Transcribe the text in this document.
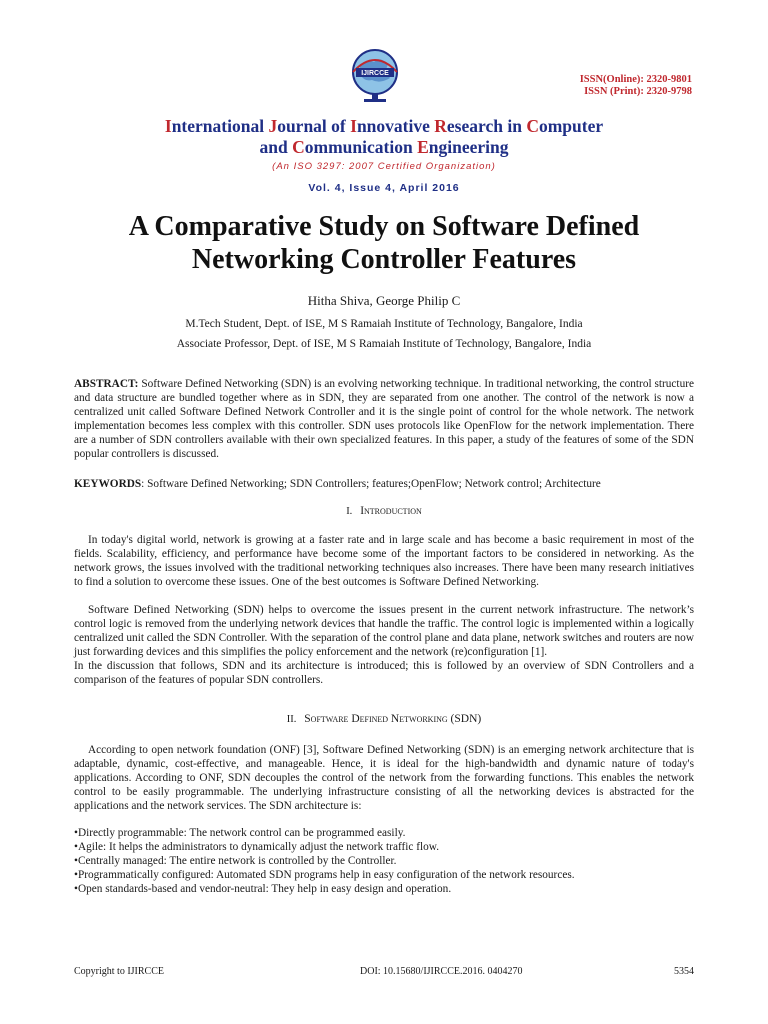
IJIRCCE
ISSN(Online): 2320-9801
ISSN (Print): 2320-9798
International Journal of Innovative Research in Computer
and Communication Engineering
(An ISO 3297: 2007 Certified Organization)
Vol. 4, Issue 4, April 2016
A Comparative Study on Software Defined
Networking Controller Features
Hitha Shiva, George Philip C
M.Tech Student, Dept. of ISE, M S Ramaiah Institute of Technology, Bangalore, India
Associate Professor, Dept. of ISE, M S Ramaiah Institute of Technology, Bangalore, India
ABSTRACT: Software Defined Networking (SDN) is an evolving networking technique. In traditional networking, the control structure and data structure are bundled together where as in SDN, they are separated from one another. The control of the network is now a centralized unit called Software Defined Network Controller and it is the single point of control for the whole network. The network implementation becomes less complex with this controller. SDN uses protocols like OpenFlow for the network implementation. There are a number of SDN controllers available with their own specialized features. In this paper, a study of the features of some of the SDN popular controllers is discussed.
KEYWORDS: Software Defined Networking; SDN Controllers; features;OpenFlow; Network control; Architecture
I. Introduction
In today's digital world, network is growing at a faster rate and in large scale and has become a basic requirement in most of the fields. Scalability, efficiency, and performance have become some of the important factors to be considered in networking. As the network grows, the issues involved with the traditional networking techniques also increases. There have been many research initiatives to find a solution to overcome these issues. One of the best outcomes is Software Defined Networking.
Software Defined Networking (SDN) helps to overcome the issues present in the current network infrastructure. The network’s control logic is removed from the underlying network devices that handle the traffic. The control logic is implemented within a logically centralized unit called the SDN Controller. With the separation of the control plane and data plane, network switches and routers are now just forwarding devices and this simplifies the policy enforcement and the network (re)configuration [1].
In the discussion that follows, SDN and its architecture is introduced; this is followed by an overview of SDN Controllers and a comparison of the features of popular SDN controllers.
II. Software Defined Networking (SDN)
According to open network foundation (ONF) [3], Software Defined Networking (SDN) is an emerging network architecture that is adaptable, dynamic, cost-effective, and manageable. Hence, it is ideal for the high-bandwidth and dynamic nature of today's applications. According to ONF, SDN decouples the control of the network from the forwarding functions. This enables the network control to be easily programmable. The underlying infrastructure consisting of all the networking devices is abstracted for the applications and the network services. The SDN architecture is:
•Directly programmable: The network control can be programmed easily.
•Agile: It helps the administrators to dynamically adjust the network traffic flow.
•Centrally managed: The entire network is controlled by the Controller.
•Programmatically configured: Automated SDN programs help in easy configuration of the network resources.
•Open standards-based and vendor-neutral: They help in easy design and operation.
Copyright to IJIRCCE	DOI: 10.15680/IJIRCCE.2016. 0404270	5354
